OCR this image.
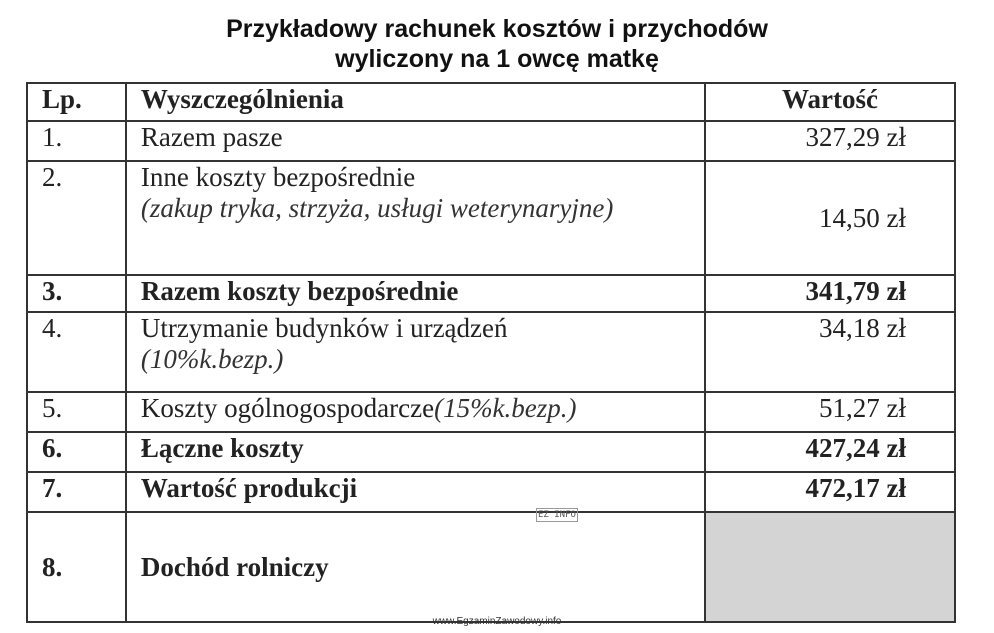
Przykładowy rachunek kosztów i przychodów
wyliczony na 1 owcę matkę
Lp.	Wyszczególnienia	Wartość
1.	Razem pasze	327,29 zł
2.	Inne koszty bezpośrednie
(zakup tryka, strzyża, usługi weterynaryjne)	14,50 zł
3.	Razem koszty bezpośrednie	341,79 zł
4.	Utrzymanie budynków i urządzeń
(10%k.bezp.)	34,18 zł
5.	Koszty ogólnogospodarcze(15%k.bezp.)	51,27 zł
6.	Łączne koszty	427,24 zł
7.	Wartość produkcji	472,17 zł
8.	Dochód rolniczy	
EZ INFO
www.EgzaminZawodowy.info
